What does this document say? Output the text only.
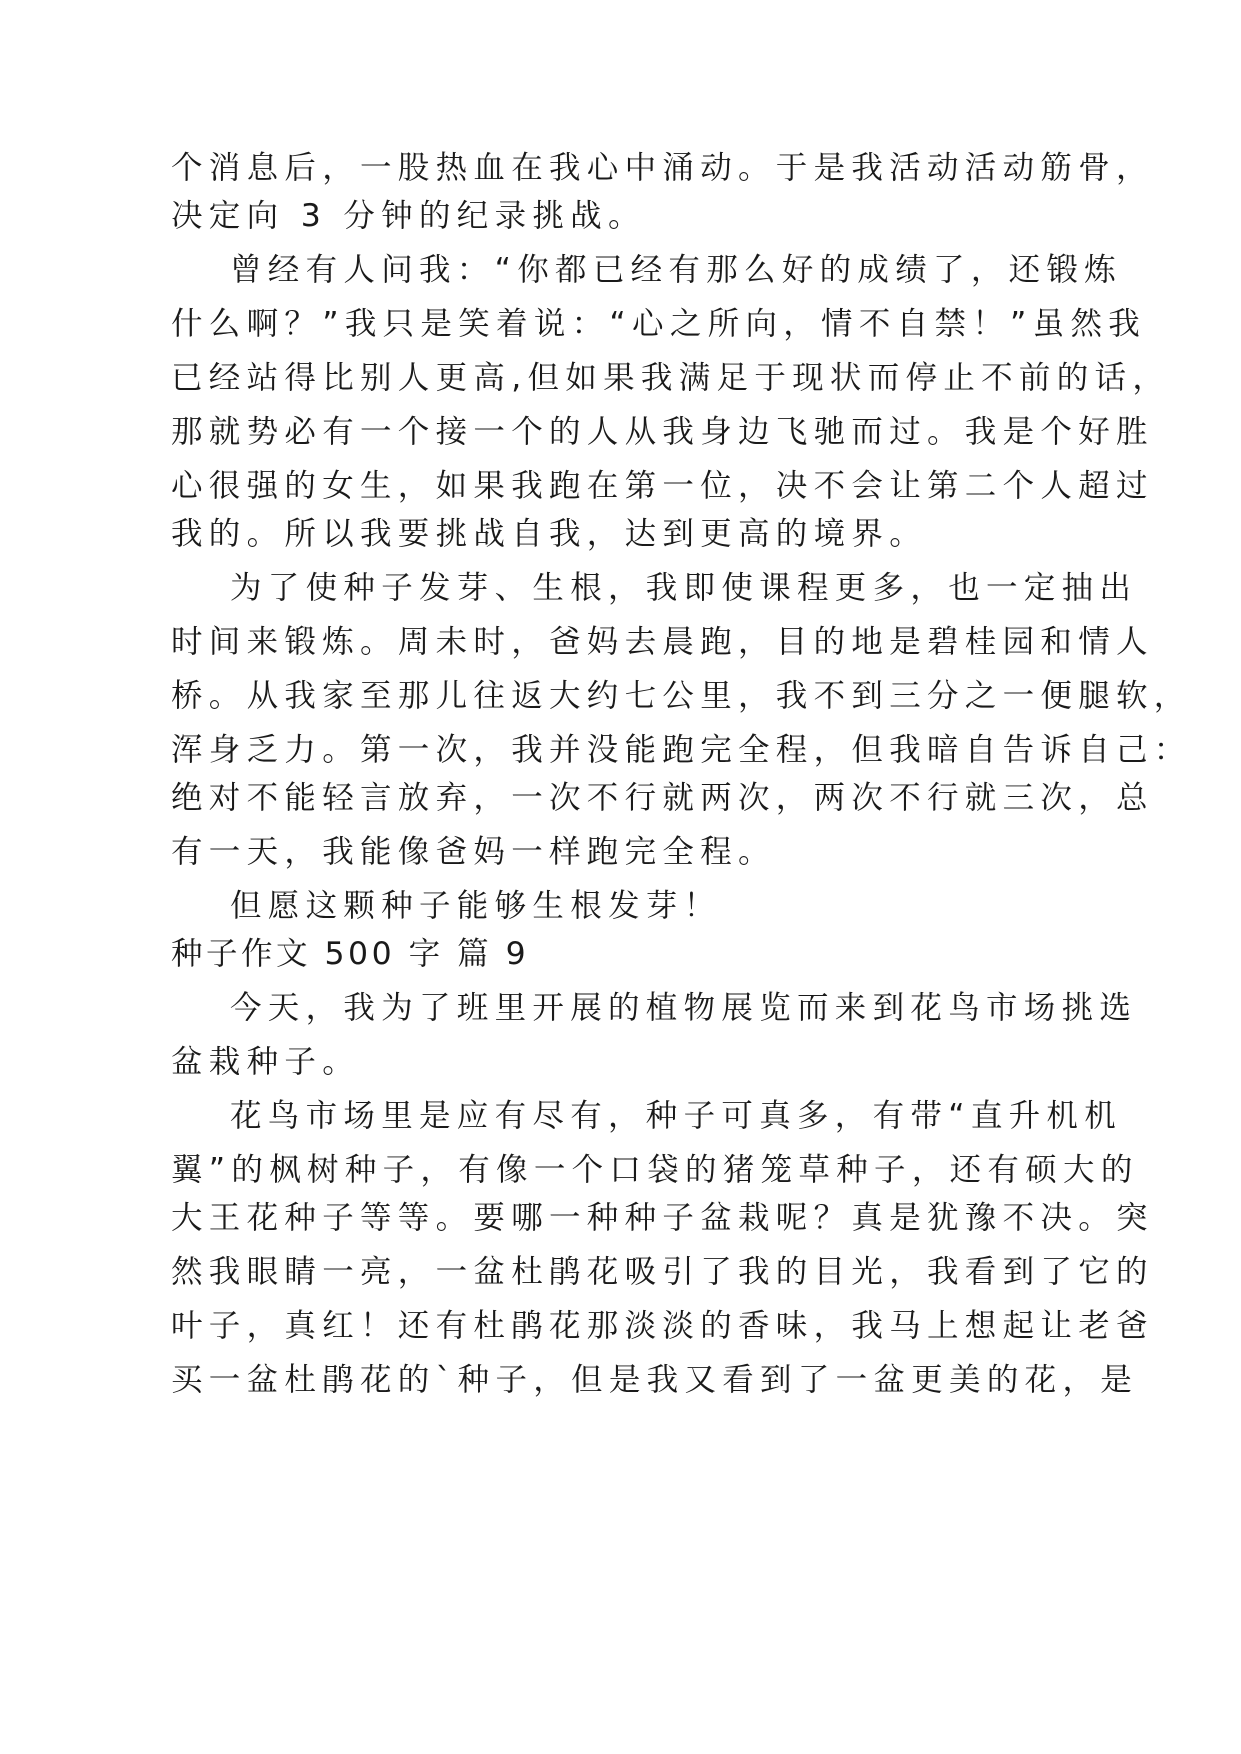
个消息后，一股热血在我心中涌动。于是我活动活动筋骨，
决定向 3 分钟的纪录挑战。
曾经有人问我：“你都已经有那么好的成绩了，还锻炼
什么啊？”我只是笑着说：“心之所向，情不自禁！”虽然我
已经站得比别人更高,但如果我满足于现状而停止不前的话，
那就势必有一个接一个的人从我身边飞驰而过。我是个好胜
心很强的女生，如果我跑在第一位，决不会让第二个人超过
我的。所以我要挑战自我，达到更高的境界。
为了使种子发芽、生根，我即使课程更多，也一定抽出
时间来锻炼。周未时，爸妈去晨跑，目的地是碧桂园和情人
桥。从我家至那儿往返大约七公里，我不到三分之一便腿软，
浑身乏力。第一次，我并没能跑完全程，但我暗自告诉自己：
绝对不能轻言放弃，一次不行就两次，两次不行就三次，总
有一天，我能像爸妈一样跑完全程。
但愿这颗种子能够生根发芽！
种子作文 500 字 篇 9
今天，我为了班里开展的植物展览而来到花鸟市场挑选
盆栽种子。
花鸟市场里是应有尽有，种子可真多，有带“直升机机
翼”的枫树种子，有像一个口袋的猪笼草种子，还有硕大的
大王花种子等等。要哪一种种子盆栽呢？真是犹豫不决。突
然我眼睛一亮，一盆杜鹃花吸引了我的目光，我看到了它的
叶子，真红！还有杜鹃花那淡淡的香味，我马上想起让老爸
买一盆杜鹃花的`种子，但是我又看到了一盆更美的花，是
